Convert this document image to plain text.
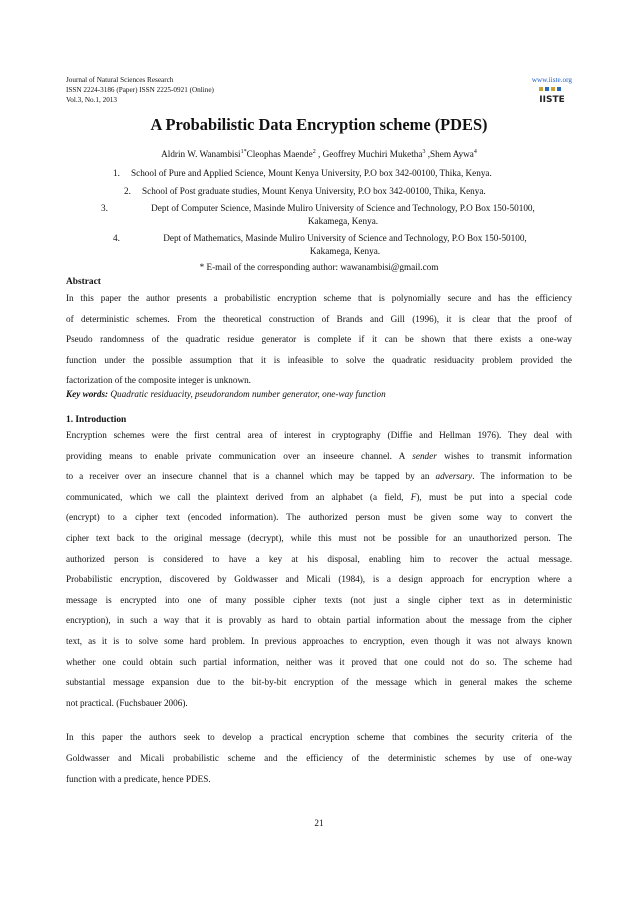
Journal of Natural Sciences Research
ISSN 2224-3186 (Paper) ISSN 2225-0921 (Online)
Vol.3, No.1, 2013
www.iiste.org
IISTE
A Probabilistic Data Encryption scheme (PDES)
Aldrin W. Wanambisi$^{1*}$Cleophas Maende$^2$ , Geoffrey Muchiri Muketha$^3$ ,Shem Aywa$^4$
1.	School of Pure and Applied Science, Mount Kenya University, P.O box 342-00100, Thika, Kenya.
2.	School of Post graduate studies, Mount Kenya University, P.O box 342-00100, Thika, Kenya.
3.	Dept of Computer Science, Masinde Muliro University of Science and Technology, P.O Box 150-50100,
Kakamega, Kenya.
4.	Dept of Mathematics, Masinde Muliro University of Science and Technology, P.O Box 150-50100,
Kakamega, Kenya.
* E-mail of the corresponding author: wawanambisi@gmail.com
Abstract
In this paper the author presents a probabilistic encryption scheme that is polynomially secure and has the efficiency
of deterministic schemes. From the theoretical construction of Brands and Gill (1996), it is clear that the proof of
Pseudo randomness of the quadratic residue generator is complete if it can be shown that there exists a one-way
function under the possible assumption that it is infeasible to solve the quadratic residuacity problem provided the
factorization of the composite integer is unknown.
Key words: Quadratic residuacity, pseudorandom number generator, one-way function
1. Introduction
Encryption schemes were the first central area of interest in cryptography (Diffie and Hellman 1976). They deal with
providing means to enable private communication over an inseeure channel. A sender wishes to transmit information
to a receiver over an insecure channel that is a channel which may be tapped by an adversary. The information to be
communicated, which we call the plaintext derived from an alphabet (a field, F), must be put into a special code
(encrypt) to a cipher text (encoded information). The authorized person must be given some way to convert the
cipher text back to the original message (decrypt), while this must not be possible for an unauthorized person. The
authorized person is considered to have a key at his disposal, enabling him to recover the actual message.
Probabilistic encryption, discovered by Goldwasser and Micali (1984), is a design approach for encryption where a
message is encrypted into one of many possible cipher texts (not just a single cipher text as in deterministic
encryption), in such a way that it is provably as hard to obtain partial information about the message from the cipher
text, as it is to solve some hard problem. In previous approaches to encryption, even though it was not always known
whether one could obtain such partial information, neither was it proved that one could not do so. The scheme had
substantial message expansion due to the bit-by-bit encryption of the message which in general makes the scheme
not practical. (Fuchsbauer 2006).
In this paper the authors seek to develop a practical encryption scheme that combines the security criteria of the
Goldwasser and Micali probabilistic scheme and the efficiency of the deterministic schemes by use of one-way
function with a predicate, hence PDES.
21
